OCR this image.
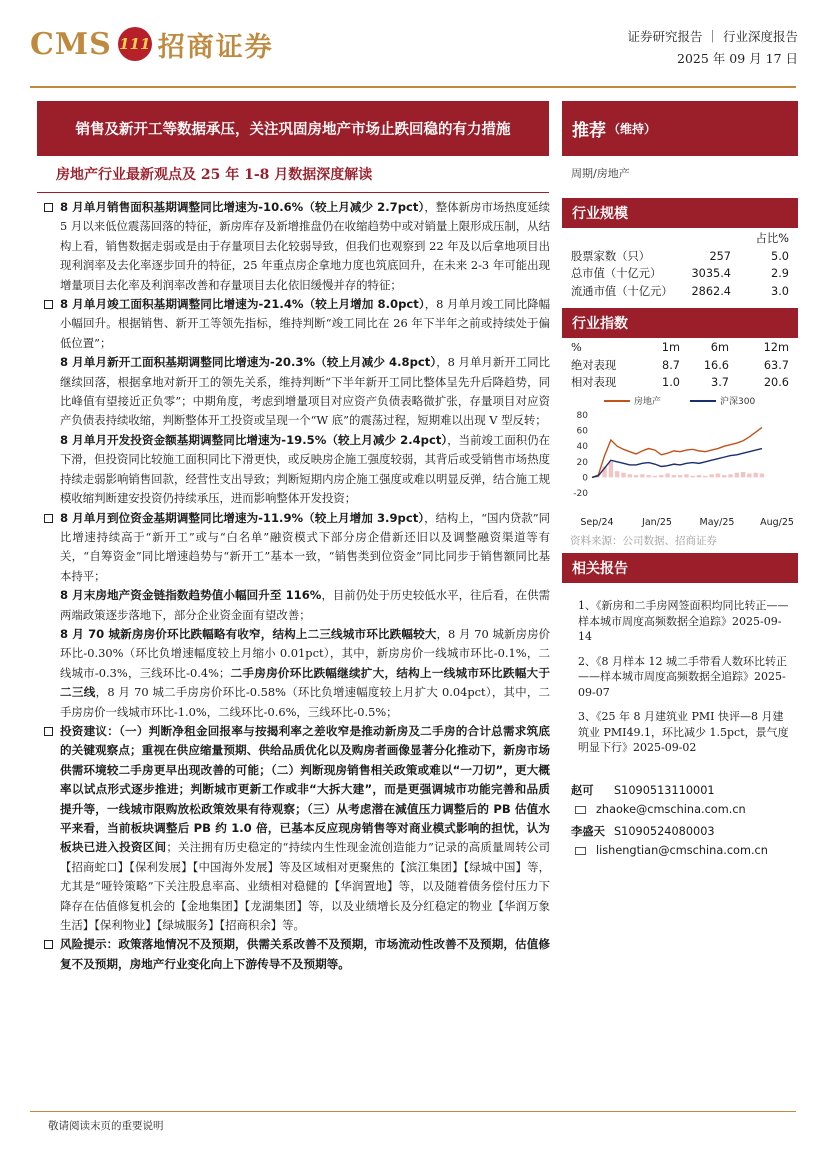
CMS 111 招商证券	证券研究报告 ｜ 行业深度报告
2025 年 09 月 17 日
销售及新开工等数据承压，关注巩固房地产市场止跌回稳的有力措施
房地产行业最新观点及 25 年 1-8 月数据深度解读
8 月单月销售面积基期调整同比增速为-10.6%（较上月减少 2.7pct），整体新房市场热度延续 5 月以来低位震荡回落的特征，新房库存及新增推盘仍在收缩趋势中或对销量上限形成压制，从结构上看，销售数据走弱或是由于存量项目去化较弱导致，但我们也观察到 22 年及以后拿地项目出现利润率及去化率逐步回升的特征，25 年重点房企拿地力度也筑底回升，在未来 2-3 年可能出现增量项目去化率及利润率改善和存量项目去化依旧缓慢并存的特征；
8 月单月竣工面积基期调整同比增速为-21.4%（较上月增加 8.0pct），8 月单月竣工同比降幅小幅回升。根据销售、新开工等领先指标，维持判断“竣工同比在 26 年下半年之前或持续处于偏低位置”；
8 月单月新开工面积基期调整同比增速为-20.3%（较上月减少 4.8pct），8 月单月新开工同比继续回落，根据拿地对新开工的领先关系，维持判断“下半年新开工同比整体呈先升后降趋势，同比峰值有望接近正负零”；中期角度，考虑到增量项目对应资产负债表略微扩张，存量项目对应资产负债表持续收缩，判断整体开工投资或呈现一个“W 底”的震荡过程，短期难以出现 V 型反转；
8 月单月开发投资金额基期调整同比增速为-19.5%（较上月减少 2.4pct），当前竣工面积仍在下滑，但投资同比较施工面积同比下滑更快，或反映房企施工强度较弱，其背后或受销售市场热度持续走弱影响销售回款，经营性支出导致；判断短期内房企施工强度或难以明显反弹，结合施工规模收缩判断建安投资仍持续承压，进而影响整体开发投资；
8 月单月到位资金基期调整同比增速为-11.9%（较上月增加 3.9pct），结构上，“国内贷款”同比增速持续高于“新开工”或与“白名单”融资模式下部分房企借新还旧以及调整融资渠道等有关，“自筹资金”同比增速趋势与“新开工”基本一致，“销售类到位资金”同比同步于销售额同比基本持平；
8 月末房地产资金链指数趋势值小幅回升至 116%，目前仍处于历史较低水平，往后看，在供需两端政策逐步落地下，部分企业资金面有望改善；
8 月 70 城新房房价环比跌幅略有收窄，结构上二三线城市环比跌幅较大，8 月 70 城新房房价环比-0.30%（环比负增速幅度较上月缩小 0.01pct），其中，新房房价一线城市环比-0.1%，二线城市-0.3%，三线环比-0.4%；二手房房价环比跌幅继续扩大，结构上一线城市环比跌幅大于二三线，8 月 70 城二手房房价环比-0.58%（环比负增速幅度较上月扩大 0.04pct），其中，二手房房价一线城市环比-1.0%，二线环比-0.6%，三线环比-0.5%；
投资建议：（一）判断净租金回报率与按揭利率之差收窄是推动新房及二手房的合计总需求筑底的关键观察点；重视在供应缩量预期、供给品质优化以及购房者画像显著分化推动下，新房市场供需环境较二手房更早出现改善的可能；（二）判断现房销售相关政策或难以“一刀切”，更大概率以试点形式逐步推进；判断城市更新工作或非“大拆大建”，而是更强调城市功能完善和品质提升等，一线城市限购放松政策效果有待观察；（三）从考虑潜在減值压力调整后的 PB 估值水平来看，当前板块调整后 PB 约 1.0 倍，已基本反应现房销售等对商业模式影响的担忧，认为板块已进入投资区间；关注拥有历史稳定的“持续内生性现金流创造能力”记录的高质量周转公司【招商蛇口】【保利发展】【中国海外发展】等及区域相对更聚焦的【滨江集团】【绿城中国】等，尤其是“哑铃策略”下关注股息率高、业绩相对稳健的【华润置地】等，以及随着债务偿付压力下降存在估值修复机会的【金地集团】【龙湖集团】等，以及业绩增长及分红稳定的物业【华润万象生活】【保利物业】【绿城服务】【招商积余】等。
风险提示：政策落地情况不及预期，供需关系改善不及预期，市场流动性改善不及预期，估值修复不及预期，房地产行业变化向上下游传导不及预期等。
推荐 （维持）
周期/房地产
行业规模
占比%
股票家数（只）	257	5.0
总市值（十亿元）	3035.4	2.9
流通市值（十亿元）	2862.4	3.0
行业指数
%	1m	6m	12m
绝对表现	8.7	16.6	63.7
相对表现	1.0	3.7	20.6
房地产	沪深300
80
60
40
20
0
-20
Sep/24	Jan/25	May/25	Aug/25
资料来源：公司数据、招商证券
相关报告
1、《新房和二手房网签面积均同比转正——样本城市周度高频数据全追踪》2025-09-14
2、《8 月样本 12 城二手带看人数环比转正——样本城市周度高频数据全追踪》2025-09-07
3、《25 年 8 月建筑业 PMI 快评—8 月建筑业 PMI49.1，环比减少 1.5pct，景气度明显下行》2025-09-02
赵可	S1090513110001
zhaoke@cmschina.com.cn
李盛天 S1090524080003
lishengtian@cmschina.com.cn
敬请阅读末页的重要说明
